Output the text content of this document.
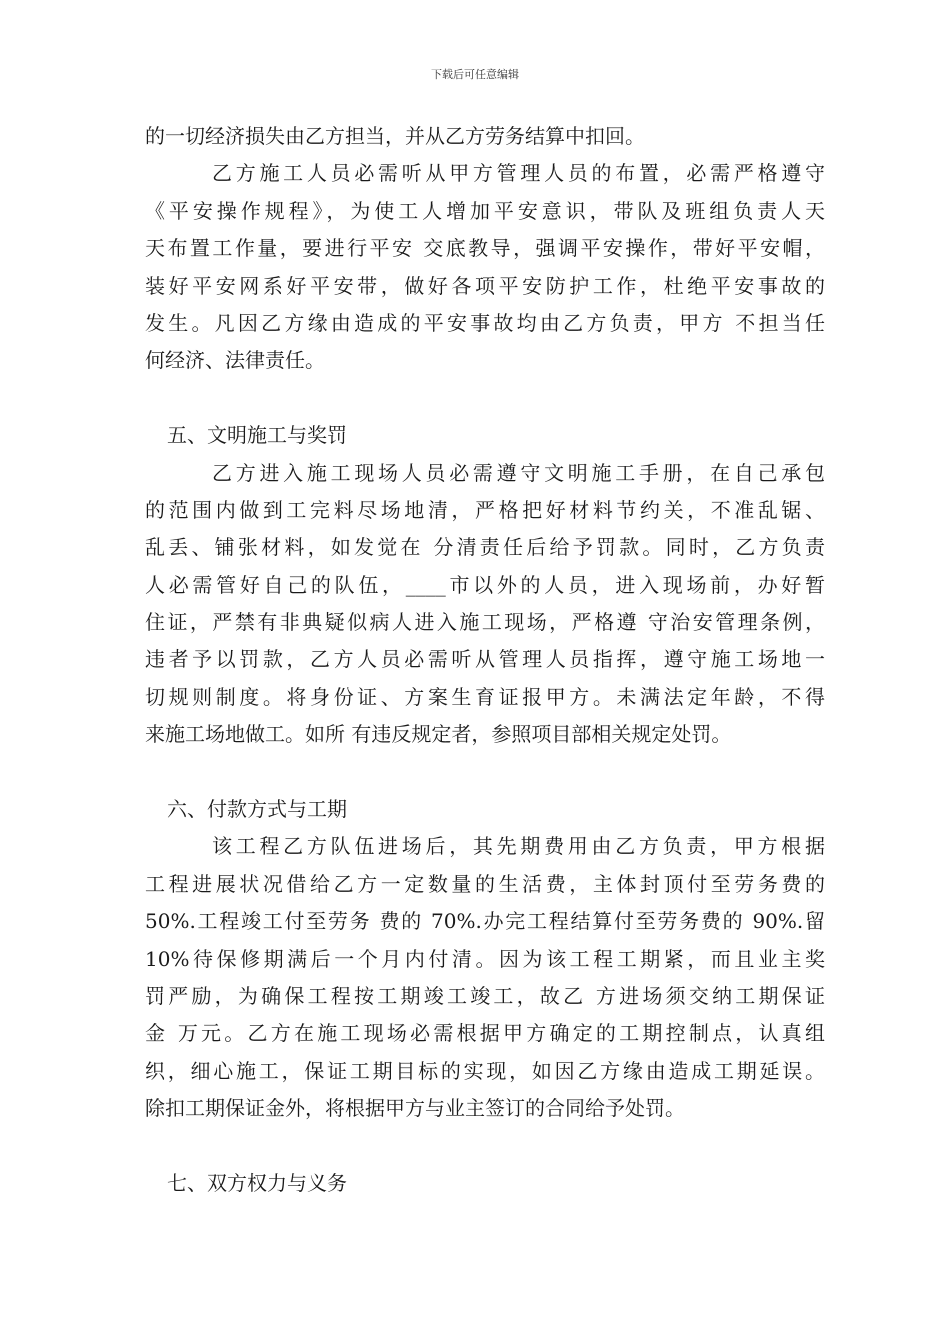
下载后可任意编辑
的一切经济损失由乙方担当，并从乙方劳务结算中扣回。
乙方施工人员必需听从甲方管理人员的布置，必需严格遵守
《平安操作规程》，为使工人增加平安意识，带队及班组负责人天
天布置工作量，要进行平安 交底教导，强调平安操作，带好平安帽，
装好平安网系好平安带，做好各项平安防护工作，杜绝平安事故的
发生。凡因乙方缘由造成的平安事故均由乙方负责，甲方 不担当任
何经济、法律责任。
五、文明施工与奖罚
乙方进入施工现场人员必需遵守文明施工手册，在自己承包
的范围内做到工完料尽场地清，严格把好材料节约关，不准乱锯、
乱丢、铺张材料，如发觉在 分清责任后给予罚款。同时，乙方负责
人必需管好自己的队伍，____市以外的人员，进入现场前，办好暂
住证，严禁有非典疑似病人进入施工现场，严格遵 守治安管理条例，
违者予以罚款，乙方人员必需听从管理人员指挥，遵守施工场地一
切规则制度。将身份证、方案生育证报甲方。未满法定年龄，不得
来施工场地做工。如所 有违反规定者，参照项目部相关规定处罚。
六、付款方式与工期
该工程乙方队伍进场后，其先期费用由乙方负责，甲方根据
工程进展状况借给乙方一定数量的生活费，主体封顶付至劳务费的
50%.工程竣工付至劳务 费的 70%.办完工程结算付至劳务费的 90%.留
10%待保修期满后一个月内付清。因为该工程工期紧，而且业主奖
罚严励，为确保工程按工期竣工竣工，故乙 方进场须交纳工期保证
金 万元。乙方在施工现场必需根据甲方确定的工期控制点，认真组
织，细心施工，保证工期目标的实现，如因乙方缘由造成工期延误。
除扣工期保证金外，将根据甲方与业主签订的合同给予处罚。
七、双方权力与义务
